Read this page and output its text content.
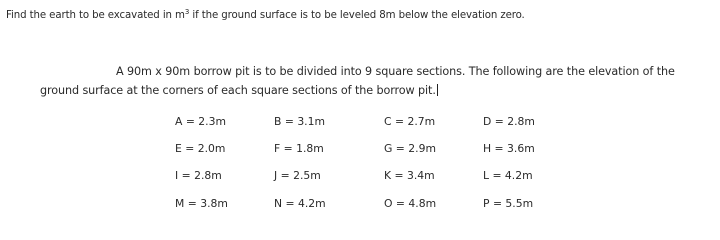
Find the earth to be excavated in $m^3$ if the ground surface is to be leveled 8m below the elevation zero.
A 90m x 90m borrow pit is to be divided into 9 square sections. The following are the elevation of the
ground surface at the corners of each square sections of the borrow pit.
A = 2.3m	B = 3.1m	C = 2.7m	D = 2.8m
E = 2.0m	F = 1.8m	G = 2.9m	H = 3.6m
I = 2.8m	J = 2.5m	K = 3.4m	L = 4.2m
M = 3.8m	N = 4.2m	O = 4.8m	P = 5.5m
